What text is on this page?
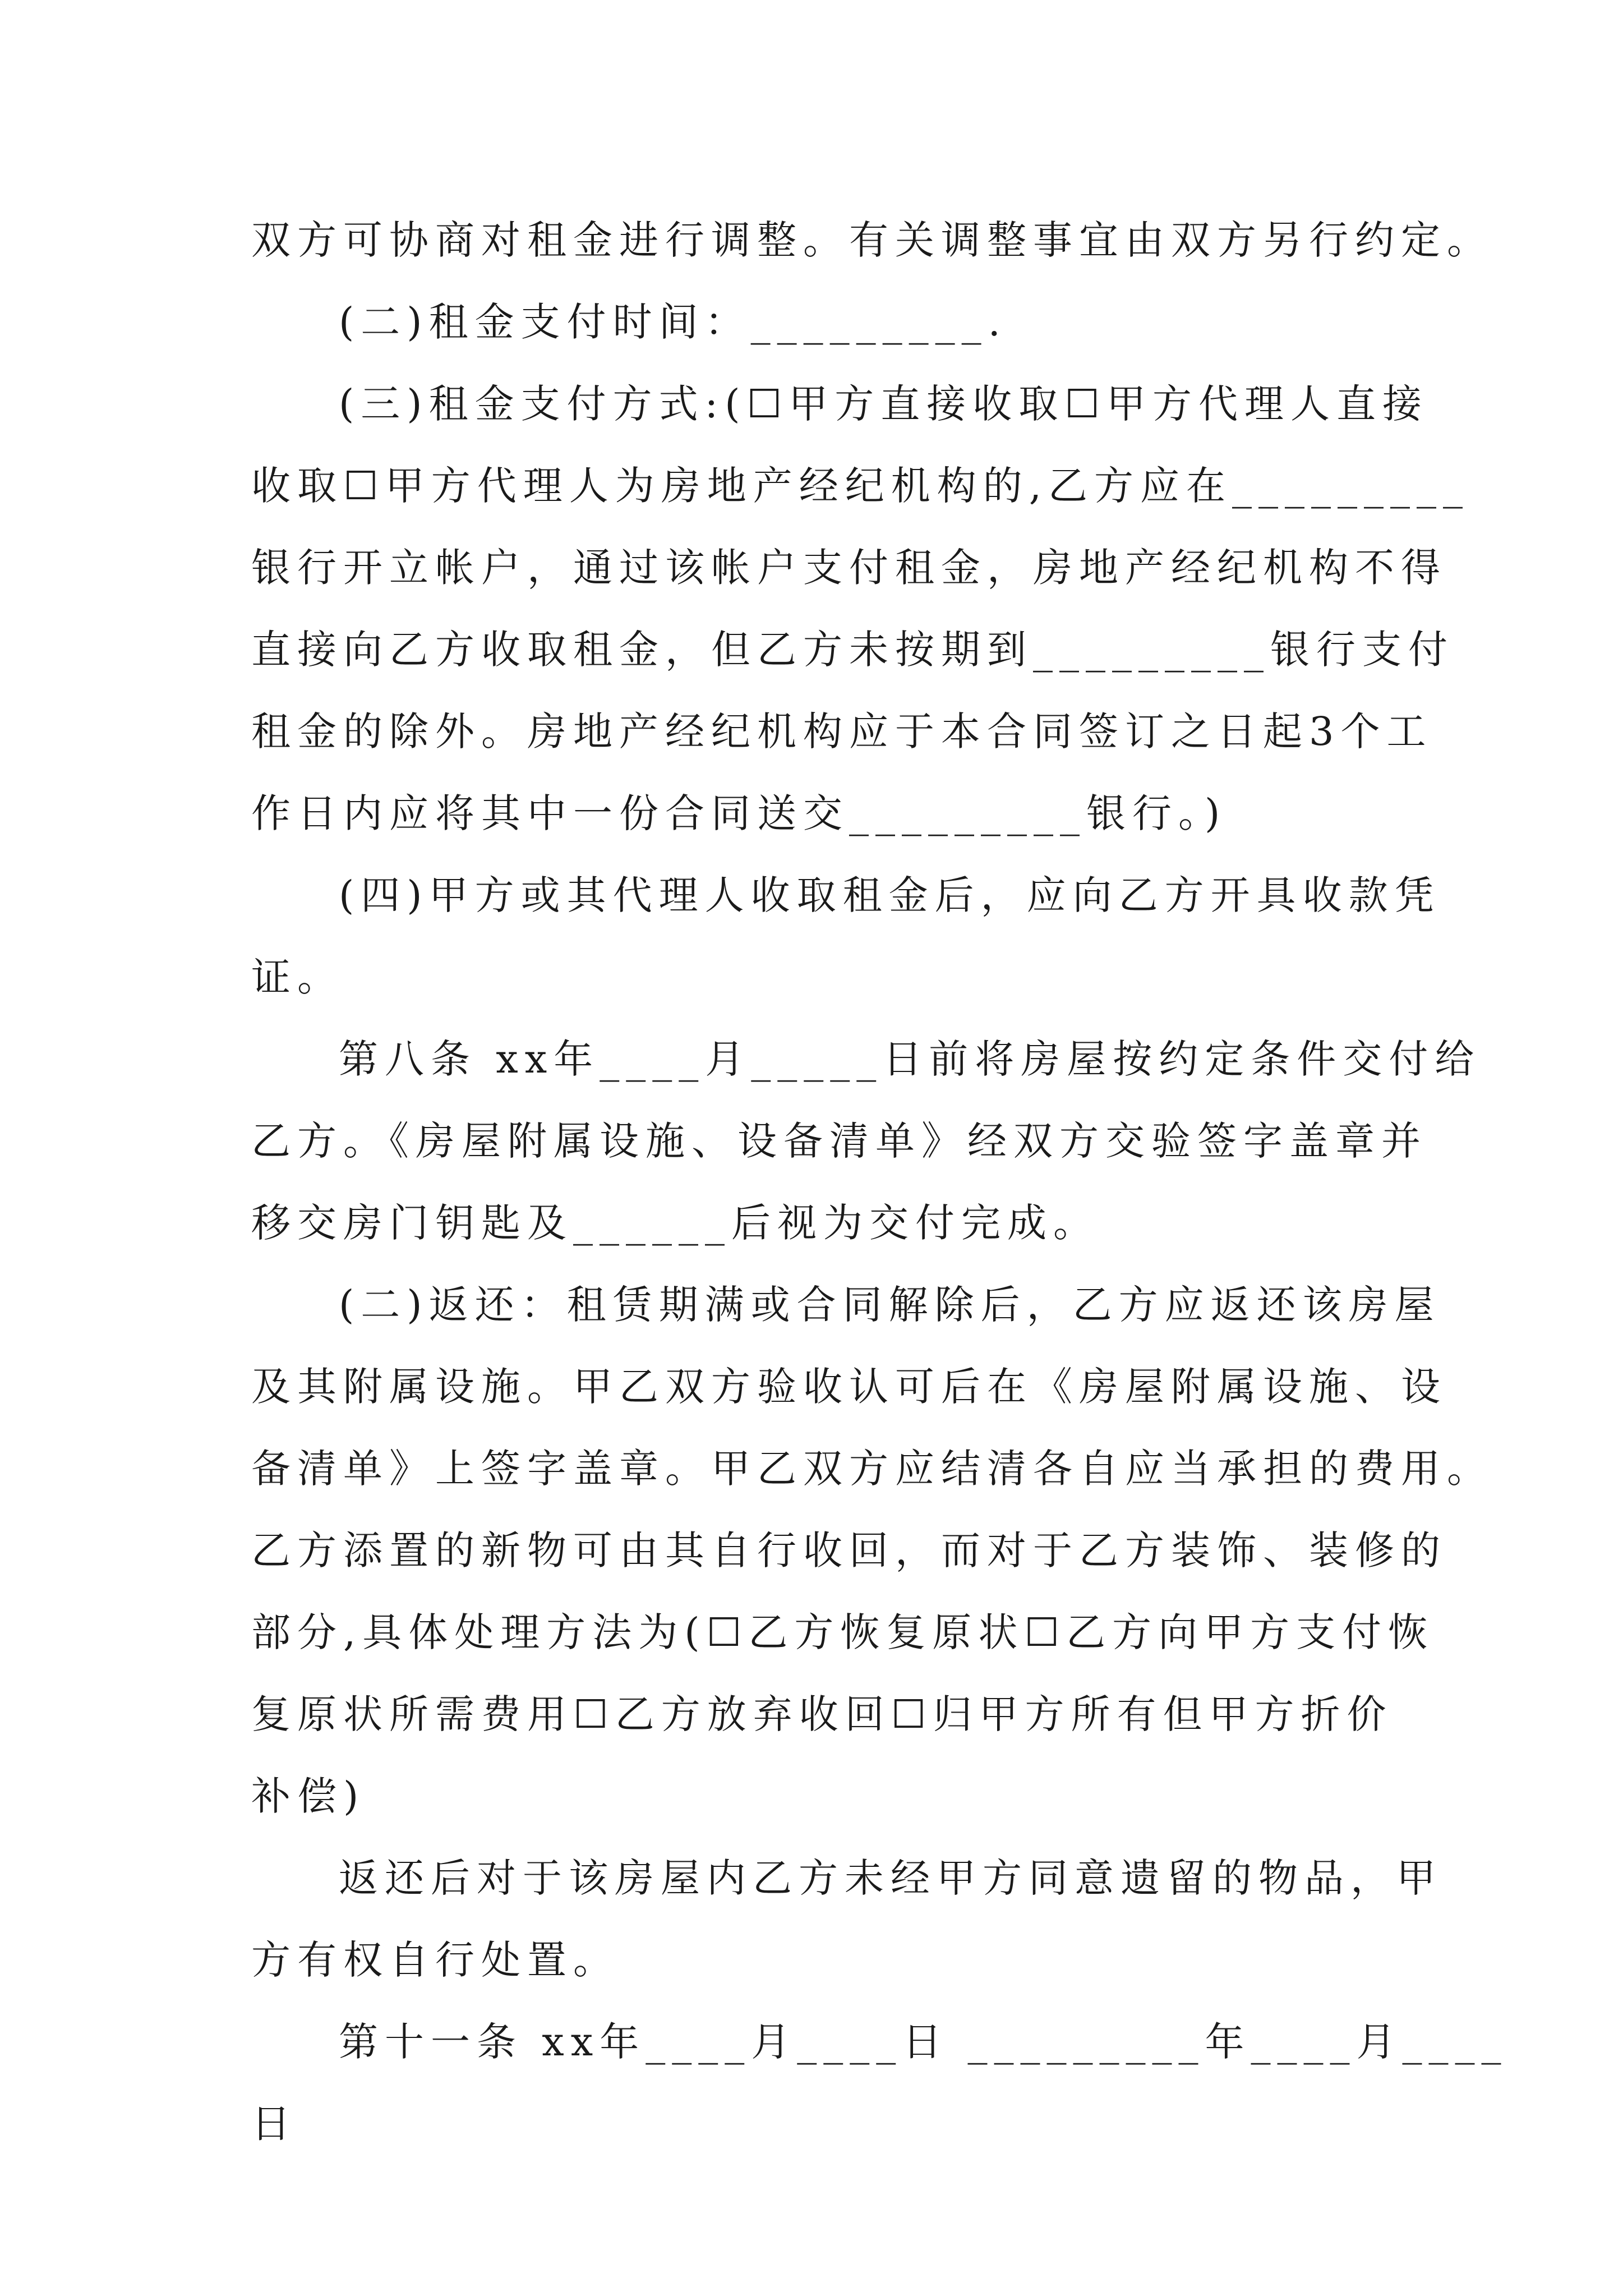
双方可协商对租金进行调整。有关调整事宜由双方另行约定。
(二)租金支付时间：_________.
(三)租金支付方式:(☐甲方直接收取☐甲方代理人直接
收取☐甲方代理人为房地产经纪机构的,乙方应在_________
银行开立帐户，通过该帐户支付租金，房地产经纪机构不得
直接向乙方收取租金，但乙方未按期到_________银行支付
租金的除外。房地产经纪机构应于本合同签订之日起3个工
作日内应将其中一份合同送交_________银行。)
(四)甲方或其代理人收取租金后，应向乙方开具收款凭
证。
第八条 xx年____月_____日前将房屋按约定条件交付给
乙方。《房屋附属设施、设备清单》经双方交验签字盖章并
移交房门钥匙及______后视为交付完成。
(二)返还：租赁期满或合同解除后，乙方应返还该房屋
及其附属设施。甲乙双方验收认可后在《房屋附属设施、设
备清单》上签字盖章。甲乙双方应结清各自应当承担的费用。
乙方添置的新物可由其自行收回，而对于乙方装饰、装修的
部分,具体处理方法为(☐乙方恢复原状☐乙方向甲方支付恢
复原状所需费用☐乙方放弃收回☐归甲方所有但甲方折价
补偿)
返还后对于该房屋内乙方未经甲方同意遗留的物品，甲
方有权自行处置。
第十一条 xx年____月____日 _________年____月____
日
